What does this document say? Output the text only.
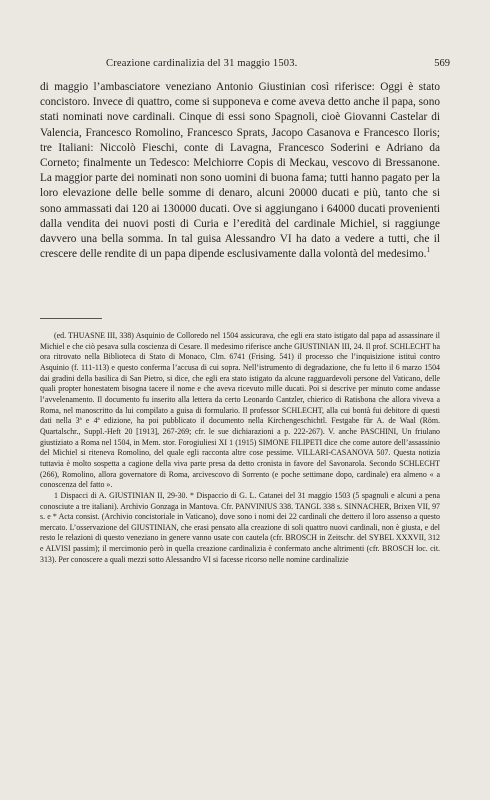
Creazione cardinalizia del 31 maggio 1503.	569

di maggio l’ambasciatore veneziano Antonio Giustinian così riferisce: Oggi è stato concistoro. Invece di quattro, come si supponeva e come aveva detto anche il papa, sono stati nominati nove cardinali. Cinque di essi sono Spagnoli, cioè Giovanni Castelar di Valencia, Francesco Romolino, Francesco Sprats, Jacopo Casanova e Francesco Iloris; tre Italiani: Niccolò Fieschi, conte di Lavagna, Francesco Soderini e Adriano da Corneto; finalmente un Tedesco: Melchiorre Copis di Meckau, vescovo di Bressanone. La maggior parte dei nominati non sono uomini di buona fama; tutti hanno pagato per la loro elevazione delle belle somme di denaro, alcuni 20000 ducati e più, tanto che si sono ammassati dai 120 ai 130000 ducati. Ove si aggiungano i 64000 ducati provenienti dalla vendita dei nuovi posti di Curia e l’eredità del cardinale Michiel, si raggiunge davvero una bella somma. In tal guisa Alessandro VI ha dato a vedere a tutti, che il crescere delle rendite di un papa dipende esclusivamente dalla volontà del medesimo.$^1$

(ed. THUASNE III, 338) Asquinio de Colloredo nel 1504 assicurava, che egli era stato istigato dal papa ad assassinare il Michiel e che ciò pesava sulla coscienza di Cesare. Il medesimo riferisce anche GIUSTINIAN III, 24. Il prof. SCHLECHT ha ora ritrovato nella Biblioteca di Stato di Monaco, Clm. 6741 (Frising. 541) il processo che l’inquisizione istituì contro Asquinio (f. 111-113) e questo conferma l’accusa di cui sopra. Nell’istrumento di degradazione, che fu letto il 6 marzo 1504 dai gradini della basilica di San Pietro, si dice, che egli era stato istigato da alcune ragguardevoli persone del Vaticano, delle quali propter honestatem bisogna tacere il nome e che aveva ricevuto mille ducati. Poi si descrive per minuto come andasse l’avvelenamento. Il documento fu inserito alla lettera da certo Leonardo Cantzler, chierico di Ratisbona che allora viveva a Roma, nel manoscritto da lui compilato a guisa di formulario. Il professor SCHLECHT, alla cui bontà fui debitore di questi dati nella 3ª e 4ª edizione, ha poi pubblicato il documento nella Kirchengeschichtl. Festgabe für A. de Waal (Röm. Quartalschr., Suppl.-Heft 20 [1913], 267-269; cfr. le sue dichiarazioni a p. 222-267). V. anche PASCHINI, Un friulano giustiziato a Roma nel 1504, in Mem. stor. Forogiuliesi XI 1 (1915) SIMONE FILIPETI dice che come autore dell’assassinio del Michiel si riteneva Romolino, del quale egli racconta altre cose pessime. VILLARI-CASANOVA 507. Questa notizia tuttavia è molto sospetta a cagione della viva parte presa da detto cronista in favore del Savonarola. Secondo SCHLECHT (266), Romolino, allora governatore di Roma, arcivescovo di Sorrento (e poche settimane dopo, cardinale) era almeno « a conoscenza del fatto ».

1 Dispacci di A. GIUSTINIAN II, 29-30. * Dispaccio di G. L. Catanei del 31 maggio 1503 (5 spagnuli e alcuni a pena conosciute a tre italiani). Archivio Gonzaga in Mantova. Cfr. PANVINIUS 338. TANGL 338 s. SINNACHER, Brixen VII, 97 s. e * Acta consist. (Archivio concistoriale in Vaticano), dove sono i nomi dei 22 cardinali che dettero il loro assenso a questo mercato. L’osservazione del GIUSTINIAN, che erasi pensato alla creazione di soli quattro nuovi cardinali, non è giusta, e del resto le relazioni di questo veneziano in genere vanno usate con cautela (cfr. BROSCH in Zeitschr. del SYBEL XXXVII, 312 e ALVISI passim); il mercimonio però in quella creazione cardinalizia è confermato anche altrimenti (cfr. BROSCH loc. cit. 313). Per conoscere a quali mezzi sotto Alessandro VI si facesse ricorso nelle nomine cardinalizie
